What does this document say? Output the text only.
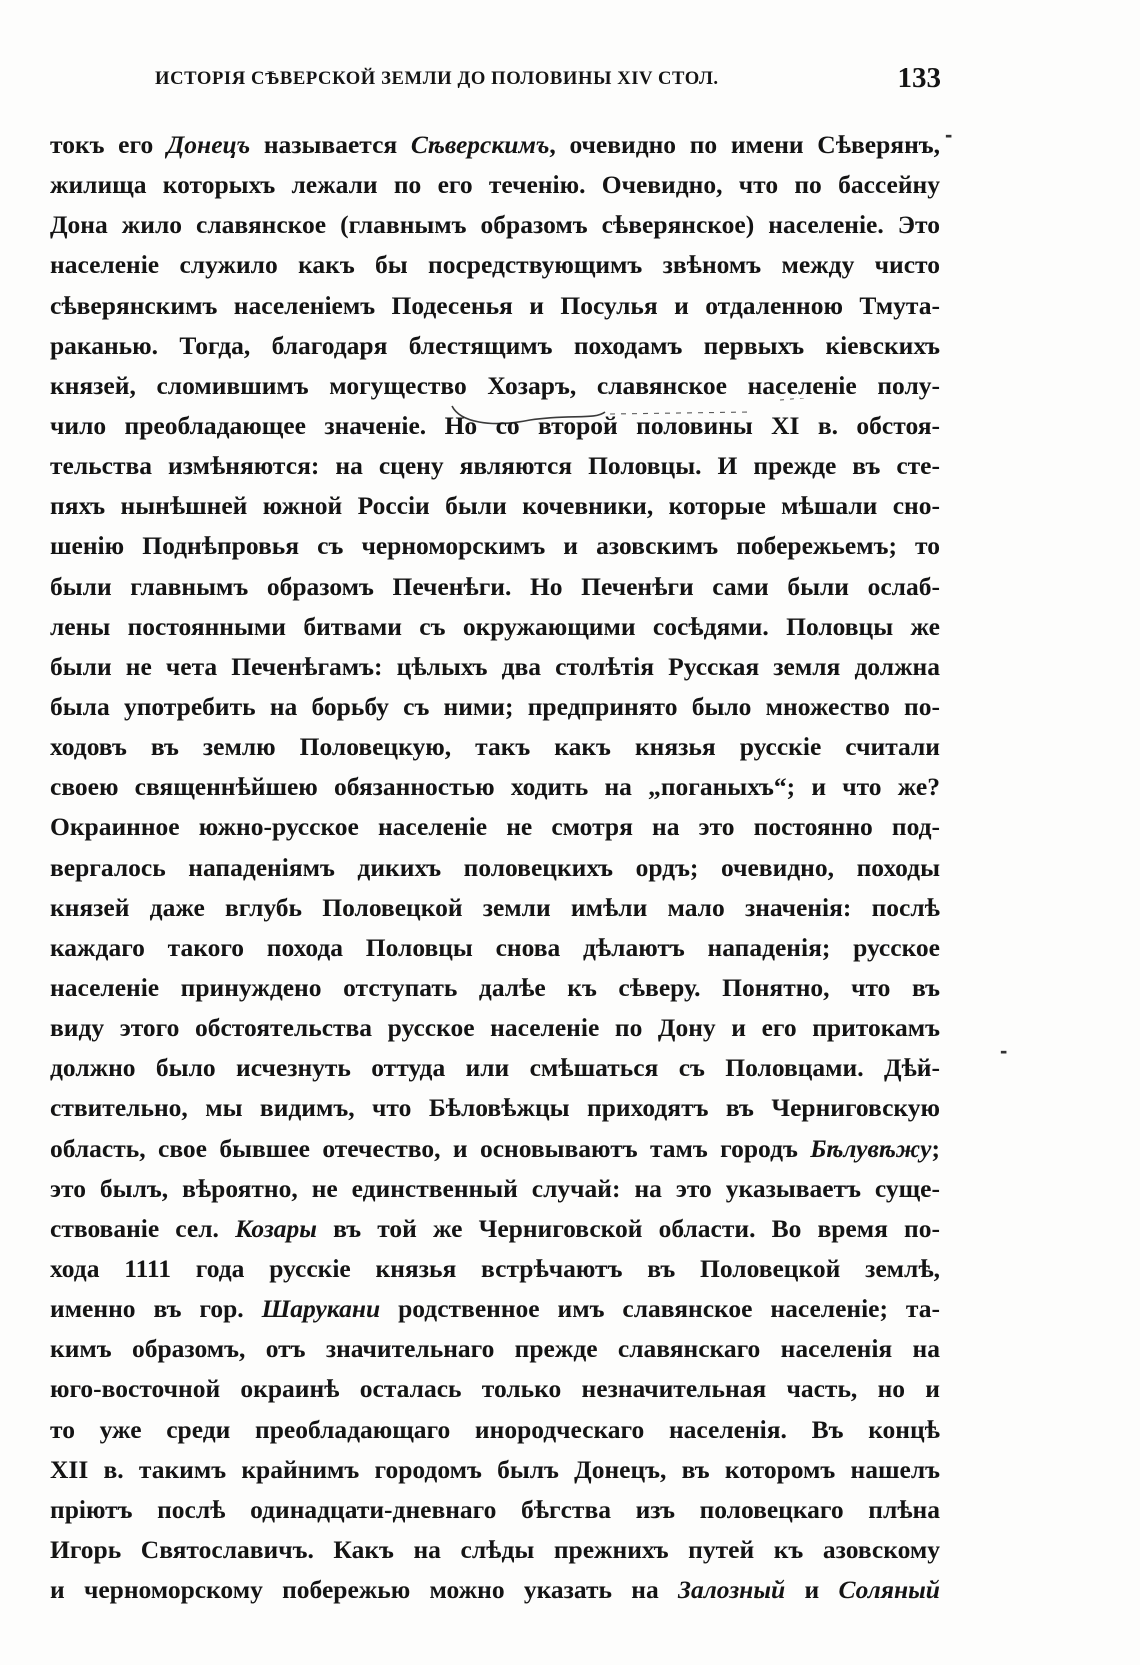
ИСТОРІЯ СѢВЕРСКОЙ ЗЕМЛИ ДО ПОЛОВИНЫ XIV СТОЛ.	133
-
-
токъ его Донецъ называется Сѣверскимъ, очевидно по имени Сѣверянъ,
жилища которыхъ лежали по его теченію. Очевидно, что по бассейну
Дона жило славянское (главнымъ образомъ сѣверянское) населеніе. Это
населеніе служило какъ бы посредствующимъ звѣномъ между чисто
сѣверянскимъ населеніемъ Подесенья и Посулья и отдаленною Тмута-
раканью. Тогда, благодаря блестящимъ походамъ первыхъ кіевскихъ
князей, сломившимъ могущество Хозаръ, славянское населеніе полу-
чило преобладающее значеніе. Но со второй половины XI в. обстоя-
тельства измѣняются: на сцену являются Половцы. И прежде въ сте-
пяхъ нынѣшней южной Россіи были кочевники, которые мѣшали сно-
шенію Поднѣпровья съ черноморскимъ и азовскимъ побережьемъ; то
были главнымъ образомъ Печенѣги. Но Печенѣги сами были ослаб-
лены постоянными битвами съ окружающими сосѣдями. Половцы же
были не чета Печенѣгамъ: цѣлыхъ два столѣтія Русская земля должна
была употребить на борьбу съ ними; предпринято было множество по-
ходовъ въ землю Половецкую, такъ какъ князья русскіе считали
своею священнѣйшею обязанностью ходить на „поганыхъ“; и что же?
Окраинное южно-русское населеніе не смотря на это постоянно под-
вергалось нападеніямъ дикихъ половецкихъ ордъ; очевидно, походы
князей даже вглубь Половецкой земли имѣли мало значенія: послѣ
каждаго такого похода Половцы снова дѣлаютъ нападенія; русское
населеніе принуждено отступать далѣе къ сѣверу. Понятно, что въ
виду этого обстоятельства русское населеніе по Дону и его притокамъ
должно было исчезнуть оттуда или смѣшаться съ Половцами. Дѣй-
ствительно, мы видимъ, что Бѣловѣжцы приходятъ въ Черниговскую
область, свое бывшее отечество, и основываютъ тамъ городъ Бѣлувѣжу;
это былъ, вѣроятно, не единственный случай: на это указываетъ суще-
ствованіе сел. Козары въ той же Черниговской области. Во время по-
хода 1111 года русскіе князья встрѣчаютъ въ Половецкой землѣ,
именно въ гор. Шарукани родственное имъ славянское населеніе; та-
кимъ образомъ, отъ значительнаго прежде славянскаго населенія на
юго-восточной окраинѣ осталась только незначительная часть, но и
то уже среди преобладающаго инородческаго населенія. Въ концѣ
XII в. такимъ крайнимъ городомъ былъ Донецъ, въ которомъ нашелъ
пріютъ послѣ одинадцати-дневнаго бѣгства изъ половецкаго плѣна
Игорь Святославичъ. Какъ на слѣды прежнихъ путей къ азовскому
и черноморскому побережью можно указать на Залозный и Соляный
